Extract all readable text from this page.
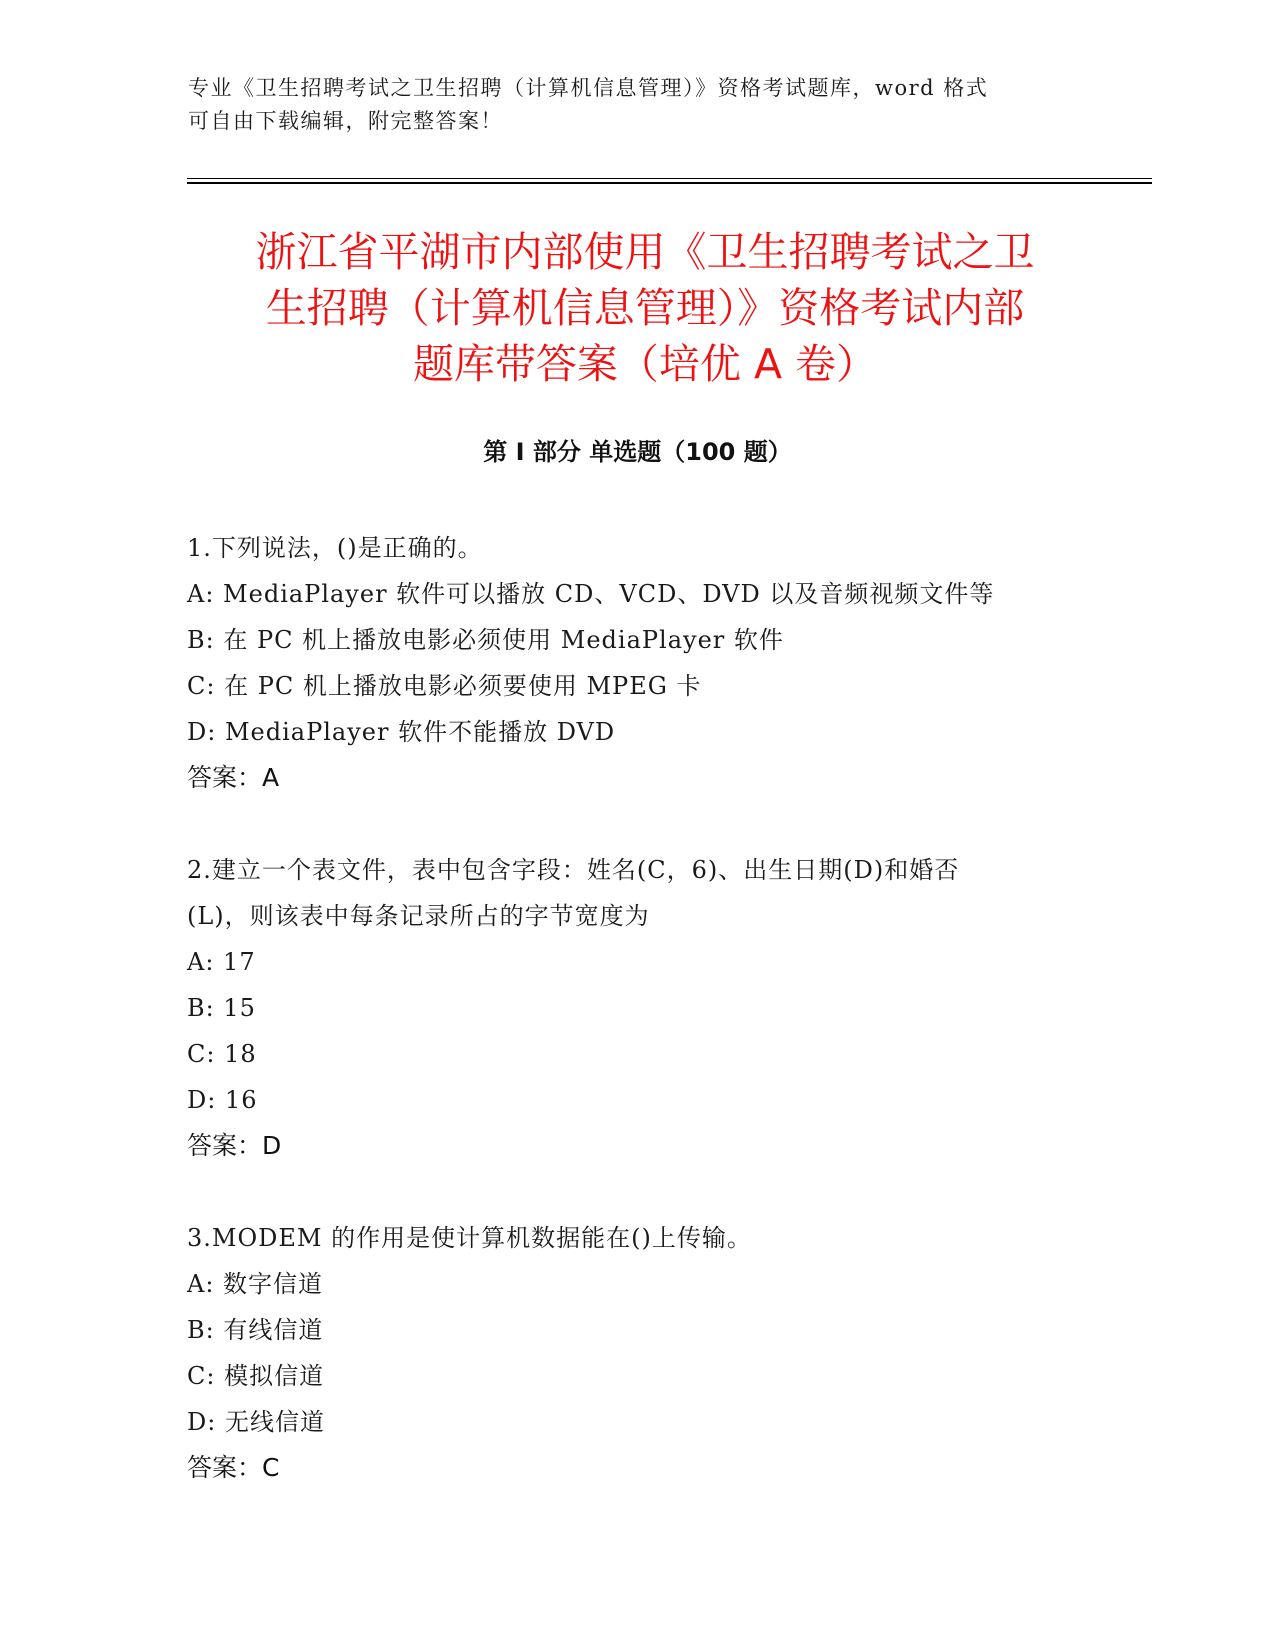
专业《卫生招聘考试之卫生招聘（计算机信息管理）》资格考试题库，word 格式
可自由下载编辑，附完整答案！
浙江省平湖市内部使用《卫生招聘考试之卫
生招聘（计算机信息管理）》资格考试内部
题库带答案（培优 A 卷）
第 I 部分 单选题（100 题）
1.下列说法，()是正确的。
A: MediaPlayer 软件可以播放 CD、VCD、DVD 以及音频视频文件等
B: 在 PC 机上播放电影必须使用 MediaPlayer 软件
C: 在 PC 机上播放电影必须要使用 MPEG 卡
D: MediaPlayer 软件不能播放 DVD
答案：A
2.建立一个表文件，表中包含字段：姓名(C，6)、出生日期(D)和婚否
(L)，则该表中每条记录所占的字节宽度为
A: 17
B: 15
C: 18
D: 16
答案：D
3.MODEM 的作用是使计算机数据能在()上传输。
A: 数字信道
B: 有线信道
C: 模拟信道
D: 无线信道
答案：C
